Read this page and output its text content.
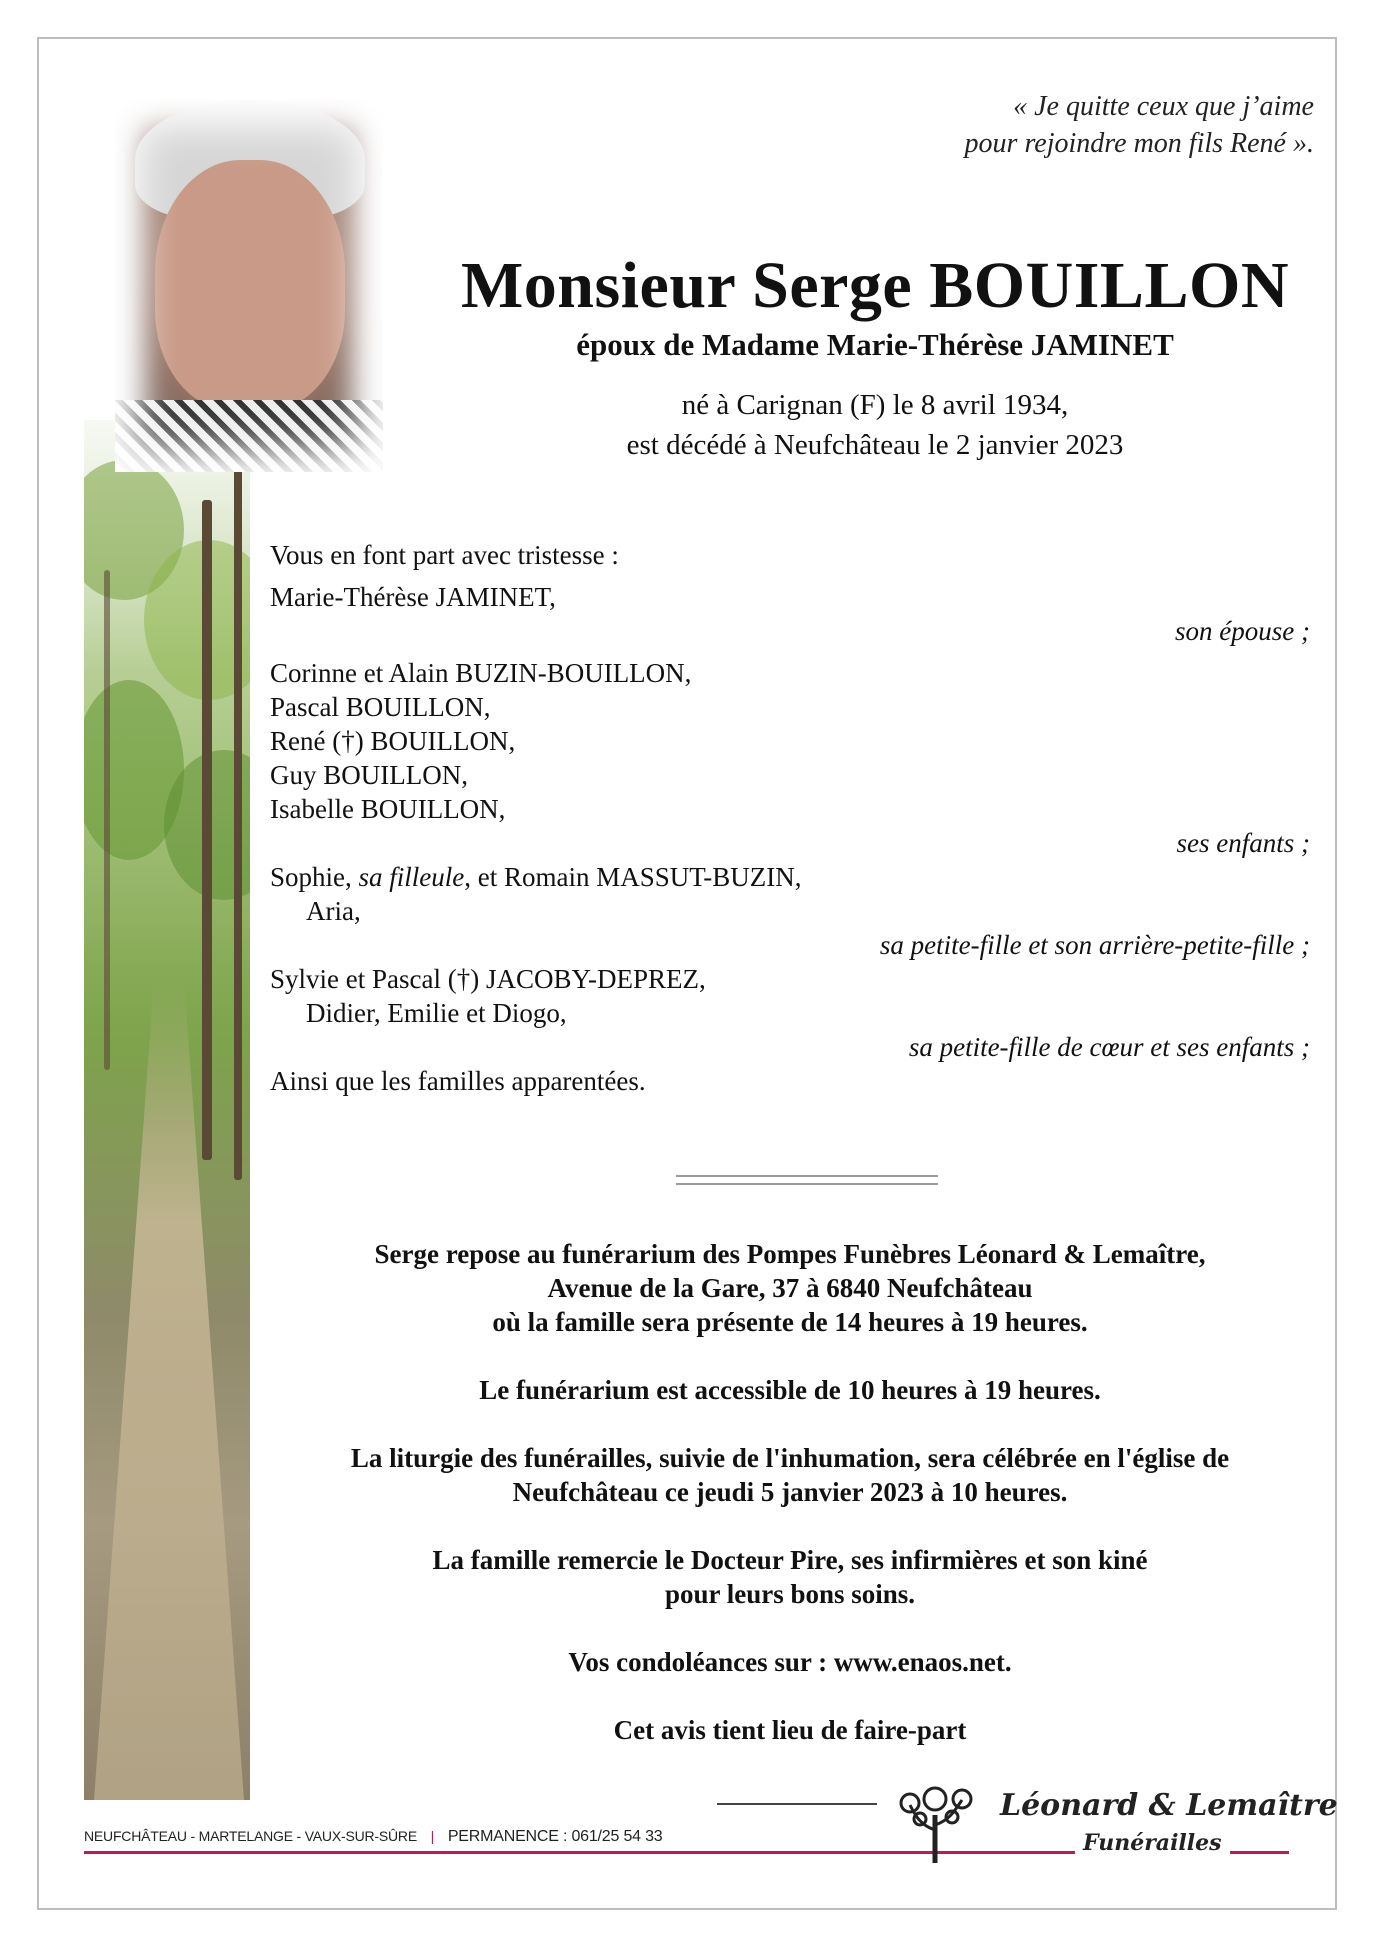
« Je quitte ceux que j’aime
pour rejoindre mon fils René ».
Monsieur Serge BOUILLON
époux de Madame Marie-Thérèse JAMINET
né à Carignan (F) le 8 avril 1934,
est décédé à Neufchâteau le 2 janvier 2023
Vous en font part avec tristesse :
Marie-Thérèse JAMINET,
son épouse ;
Corinne et Alain BUZIN-BOUILLON,
Pascal BOUILLON,
René (†) BOUILLON,
Guy BOUILLON,
Isabelle BOUILLON,
ses enfants ;
Sophie, sa filleule, et Romain MASSUT-BUZIN,
Aria,
sa petite-fille et son arrière-petite-fille ;
Sylvie et Pascal (†) JACOBY-DEPREZ,
Didier, Emilie et Diogo,
sa petite-fille de cœur et ses enfants ;
Ainsi que les familles apparentées.

Serge repose au funérarium des Pompes Funèbres Léonard & Lemaître,
Avenue de la Gare, 37 à 6840 Neufchâteau
où la famille sera présente de 14 heures à 19 heures.

Le funérarium est accessible de 10 heures à 19 heures.

La liturgie des funérailles, suivie de l'inhumation, sera célébrée en l'église de
Neufchâteau ce jeudi 5 janvier 2023 à 10 heures.

La famille remercie le Docteur Pire, ses infirmières et son kiné
pour leurs bons soins.

Vos condoléances sur : www.enaos.net.

Cet avis tient lieu de faire-part

NEUFCHÂTEAU - MARTELANGE - VAUX-SUR-SÛRE | PERMANENCE : 061/25 54 33
Léonard & Lemaître
Funérailles
